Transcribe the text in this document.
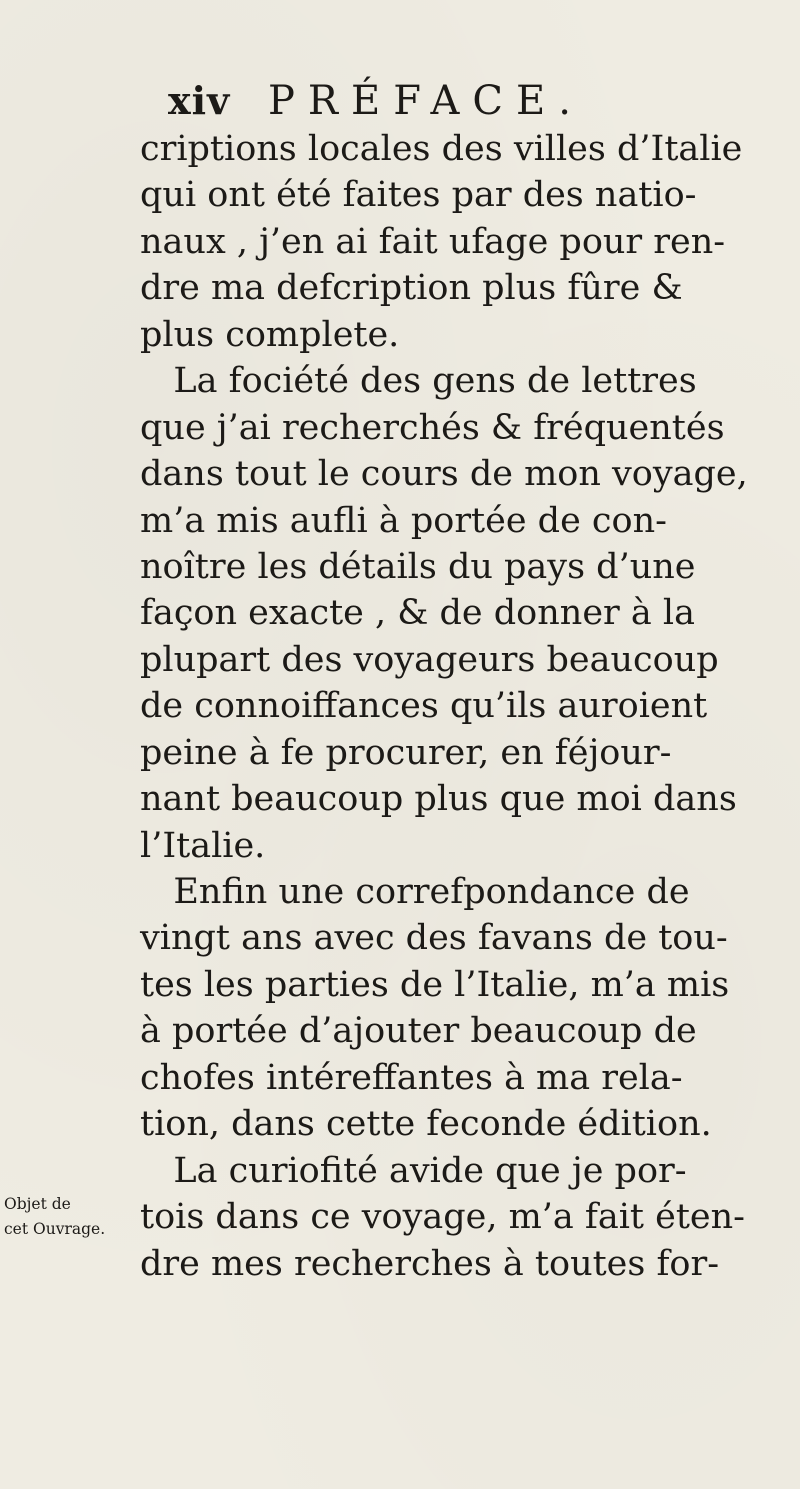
xiv PRÉFACE.
criptions locales des villes d’Italie
qui ont été faites par des natio-
naux , j’en ai fait ufage pour ren-
dre ma defcription plus fûre &
plus complete.
La fociété des gens de lettres
que j’ai recherchés & fréquentés
dans tout le cours de mon voyage,
m’a mis aufli à portée de con-
noître les détails du pays d’une
façon exacte , & de donner à la
plupart des voyageurs beaucoup
de connoiffances qu’ils auroient
peine à fe procurer, en féjour-
nant beaucoup plus que moi dans
l’Italie.
Enfin une correfpondance de
vingt ans avec des favans de tou-
tes les parties de l’Italie, m’a mis
à portée d’ajouter beaucoup de
chofes intéreffantes à ma rela-
tion, dans cette feconde édition.
La curiofité avide que je por-
tois dans ce voyage, m’a fait éten-
dre mes recherches à toutes for-
Objet de
cet Ouvrage.
